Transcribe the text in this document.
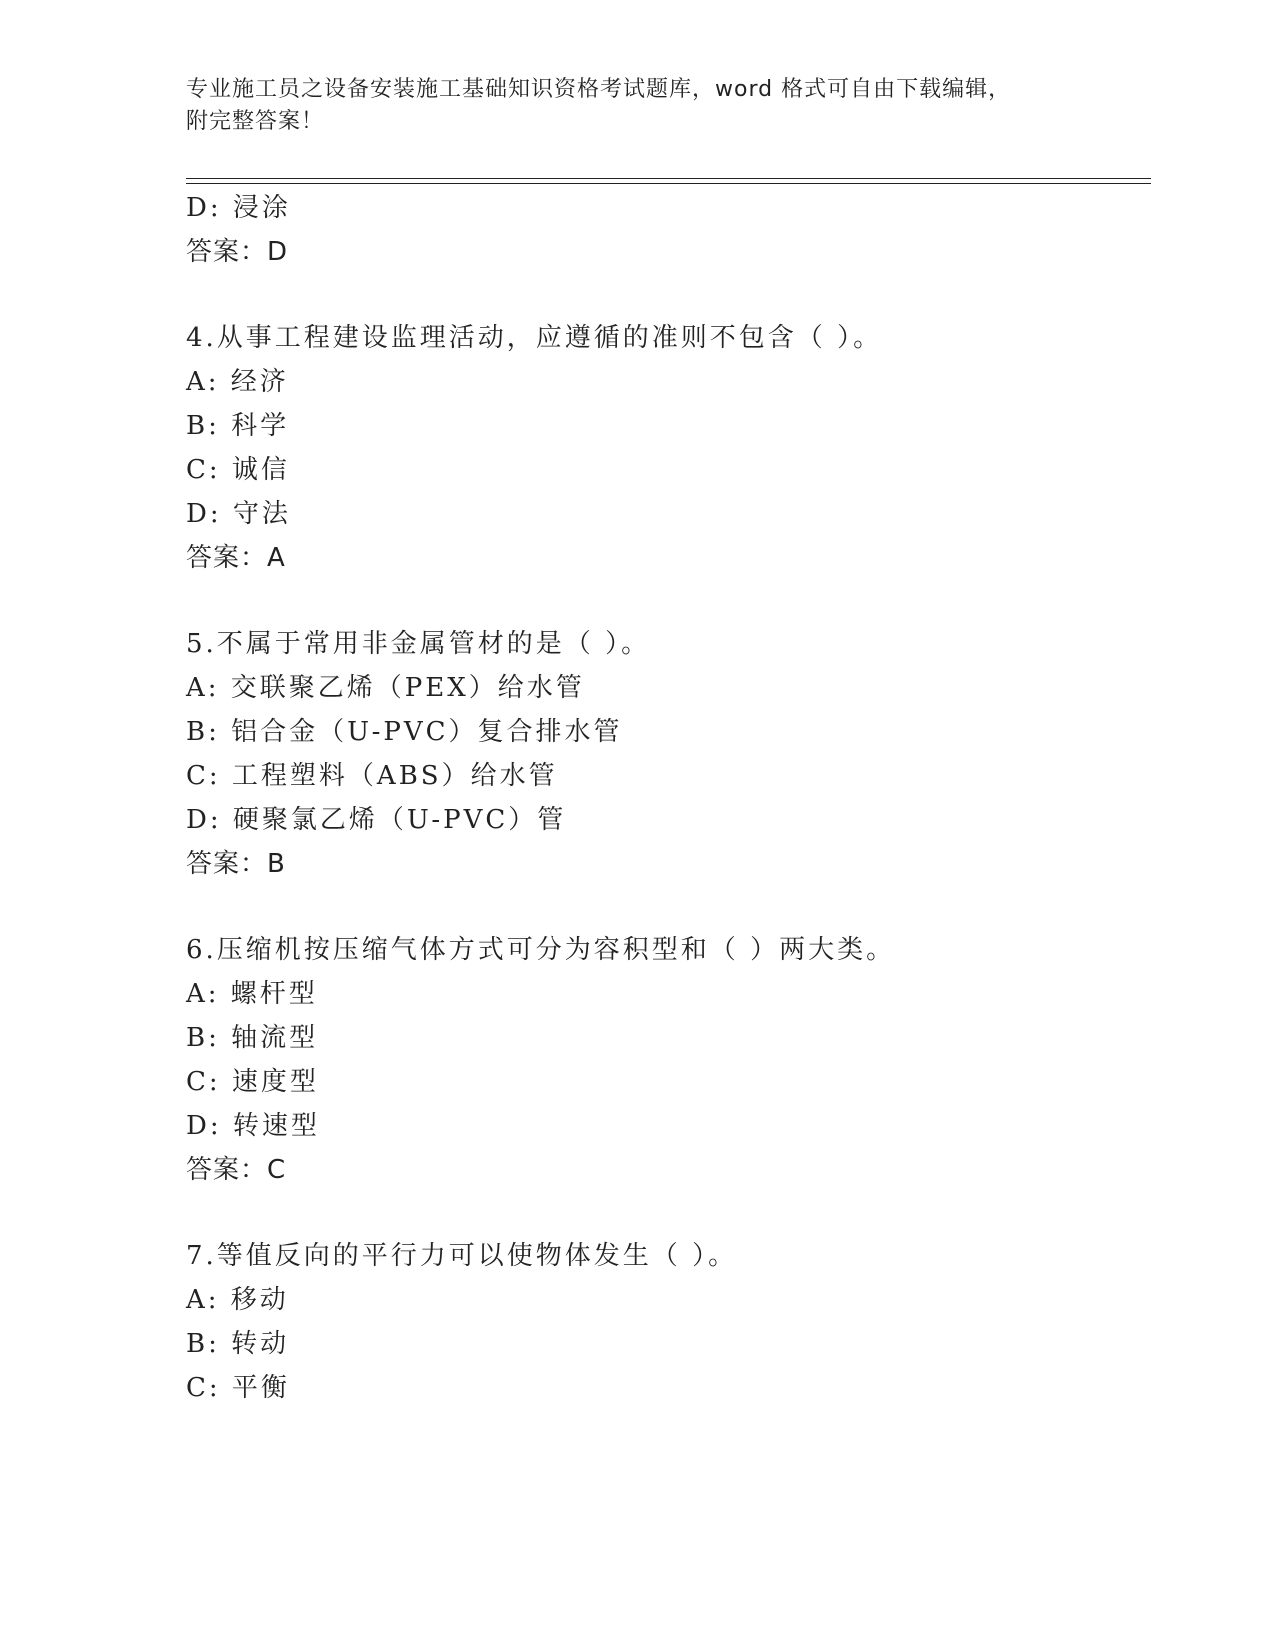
专业施工员之设备安装施工基础知识资格考试题库，word 格式可自由下载编辑，
附完整答案！
D: 浸涂
答案：D
4.从事工程建设监理活动，应遵循的准则不包含（ ）。
A: 经济
B: 科学
C: 诚信
D: 守法
答案：A
5.不属于常用非金属管材的是（ ）。
A: 交联聚乙烯（PEX）给水管
B: 铝合金（U-PVC）复合排水管
C: 工程塑料（ABS）给水管
D: 硬聚氯乙烯（U-PVC）管
答案：B
6.压缩机按压缩气体方式可分为容积型和（ ）两大类。
A: 螺杆型
B: 轴流型
C: 速度型
D: 转速型
答案：C
7.等值反向的平行力可以使物体发生（ ）。
A: 移动
B: 转动
C: 平衡
